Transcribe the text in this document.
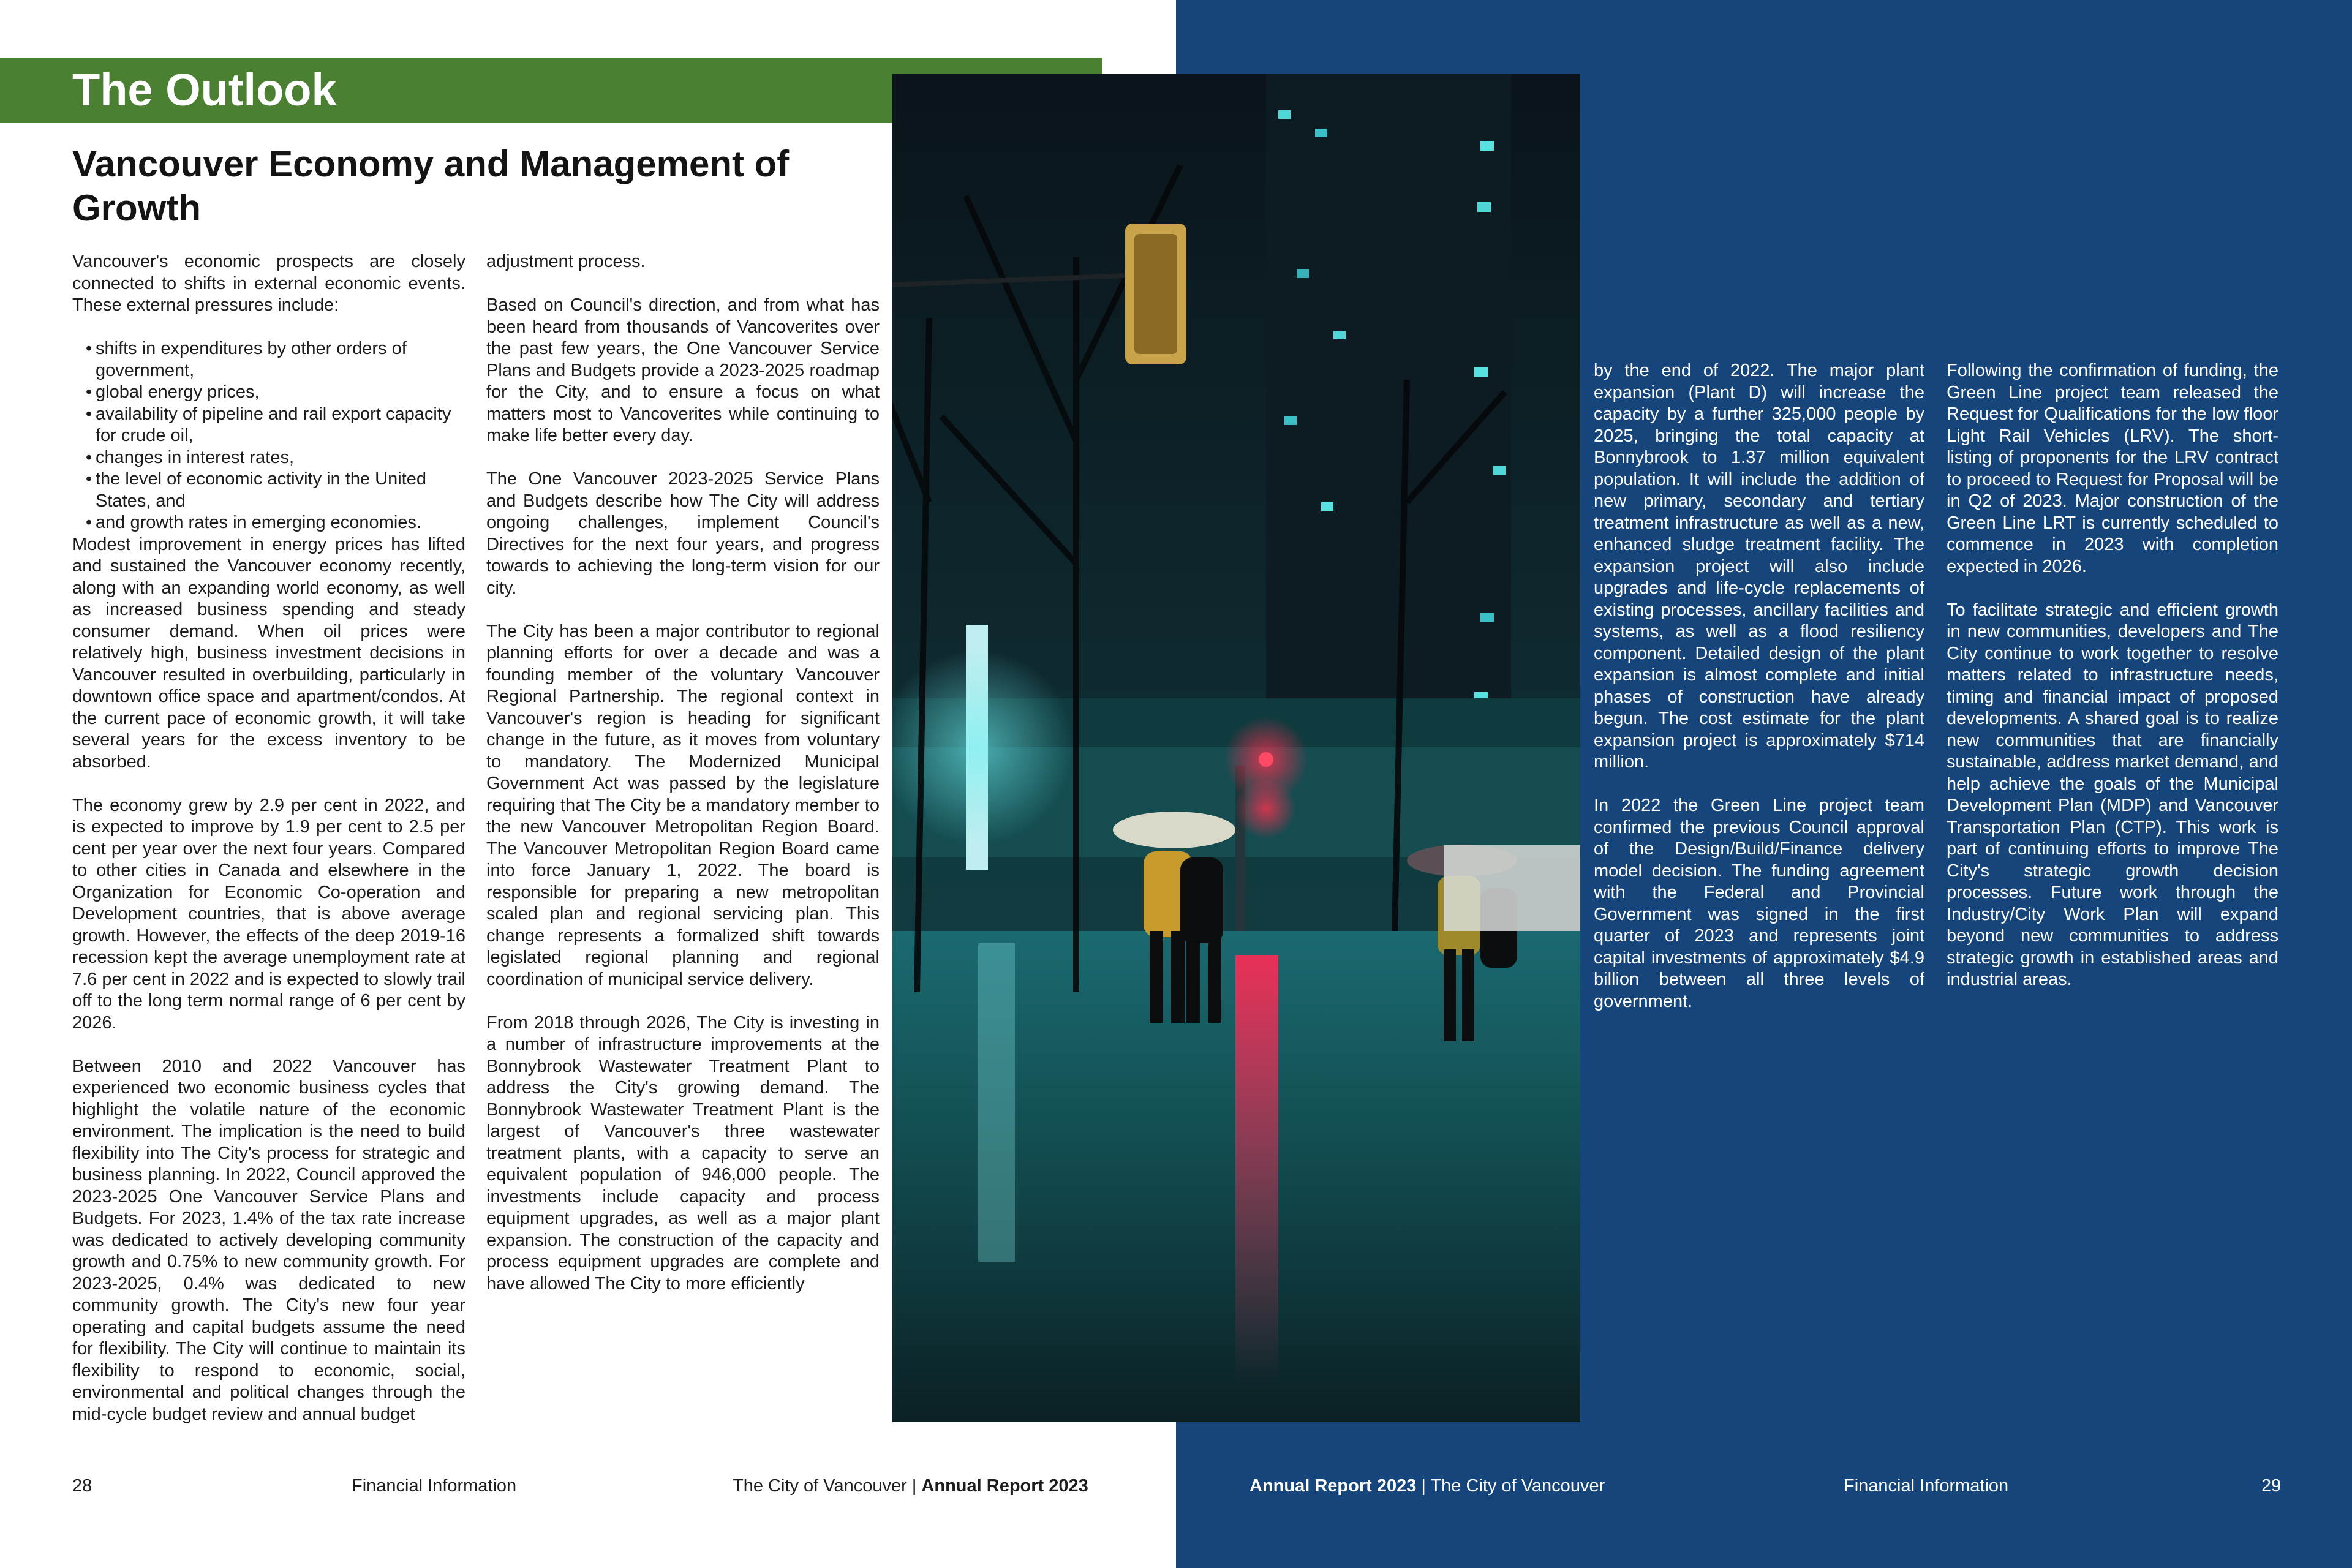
The Outlook
Vancouver Economy and Management of Growth

Vancouver's economic prospects are closely connected to shifts in external economic events. These external pressures include:

• shifts in expenditures by other orders of government,
• global energy prices,
• availability of pipeline and rail export capacity for crude oil,
• changes in interest rates,
• the level of economic activity in the United States, and
• and growth rates in emerging economies.

Modest improvement in energy prices has lifted and sustained the Vancouver economy recently, along with an expanding world economy, as well as increased business spending and steady consumer demand. When oil prices were relatively high, business investment decisions in Vancouver resulted in overbuilding, particularly in downtown office space and apartment/condos. At the current pace of economic growth, it will take several years for the excess inventory to be absorbed.

The economy grew by 2.9 per cent in 2022, and is expected to improve by 1.9 per cent to 2.5 per cent per year over the next four years. Compared to other cities in Canada and elsewhere in the Organization for Economic Co-operation and Development countries, that is above average growth. However, the effects of the deep 2019-16 recession kept the average unemployment rate at 7.6 per cent in 2022 and is expected to slowly trail off to the long term normal range of 6 per cent by 2026.

Between 2010 and 2022 Vancouver has experienced two economic business cycles that highlight the volatile nature of the economic environment. The implication is the need to build flexibility into The City's process for strategic and business planning. In 2022, Council approved the 2023-2025 One Vancouver Service Plans and Budgets. For 2023, 1.4% of the tax rate increase was dedicated to actively developing community growth and 0.75% to new community growth. For 2023-2025, 0.4% was dedicated to new community growth. The City's new four year operating and capital budgets assume the need for flexibility. The City will continue to maintain its flexibility to respond to economic, social, environmental and political changes through the mid-cycle budget review and annual budget

adjustment process.

Based on Council's direction, and from what has been heard from thousands of Vancoverites over the past few years, the One Vancouver Service Plans and Budgets provide a 2023-2025 roadmap for the City, and to ensure a focus on what matters most to Vancoverites while continuing to make life better every day.

The One Vancouver 2023-2025 Service Plans and Budgets describe how The City will address ongoing challenges, implement Council's Directives for the next four years, and progress towards to achieving the long-term vision for our city.

The City has been a major contributor to regional planning efforts for over a decade and was a founding member of the voluntary Vancouver Regional Partnership. The regional context in Vancouver's region is heading for significant change in the future, as it moves from voluntary to mandatory. The Modernized Municipal Government Act was passed by the legislature requiring that The City be a mandatory member to the new Vancouver Metropolitan Region Board. The Vancouver Metropolitan Region Board came into force January 1, 2022. The board is responsible for preparing a new metropolitan scaled plan and regional servicing plan. This change represents a formalized shift towards legislated regional planning and regional coordination of municipal service delivery.

From 2018 through 2026, The City is investing in a number of infrastructure improvements at the Bonnybrook Wastewater Treatment Plant to address the City's growing demand. The Bonnybrook Wastewater Treatment Plant is the largest of Vancouver's three wastewater treatment plants, with a capacity to serve an equivalent population of 946,000 people. The investments include capacity and process equipment upgrades, as well as a major plant expansion. The construction of the capacity and process equipment upgrades are complete and have allowed The City to more efficiently

by the end of 2022. The major plant expansion (Plant D) will increase the capacity by a further 325,000 people by 2025, bringing the total capacity at Bonnybrook to 1.37 million equivalent population. It will include the addition of new primary, secondary and tertiary treatment infrastructure as well as a new, enhanced sludge treatment facility. The expansion project will also include upgrades and life-cycle replacements of existing processes, ancillary facilities and systems, as well as a flood resiliency component. Detailed design of the plant expansion is almost complete and initial phases of construction have already begun. The cost estimate for the plant expansion project is approximately $714 million.

In 2022 the Green Line project team confirmed the previous Council approval of the Design/Build/Finance delivery model decision. The funding agreement with the Federal and Provincial Government was signed in the first quarter of 2023 and represents joint capital investments of approximately $4.9 billion between all three levels of government.

Following the confirmation of funding, the Green Line project team released the Request for Qualifications for the low floor Light Rail Vehicles (LRV). The short-listing of proponents for the LRV contract to proceed to Request for Proposal will be in Q2 of 2023. Major construction of the Green Line LRT is currently scheduled to commence in 2023 with completion expected in 2026.

To facilitate strategic and efficient growth in new communities, developers and The City continue to work together to resolve matters related to infrastructure needs, timing and financial impact of proposed developments. A shared goal is to realize new communities that are financially sustainable, address market demand, and help achieve the goals of the Municipal Development Plan (MDP) and Vancouver Transportation Plan (CTP). This work is part of continuing efforts to improve The City's strategic growth decision processes. Future work through the Industry/City Work Plan will expand beyond new communities to address strategic growth in established areas and industrial areas.

28	Financial Information	The City of Vancouver | Annual Report 2023	Annual Report 2023 | The City of Vancouver	Financial Information	29
